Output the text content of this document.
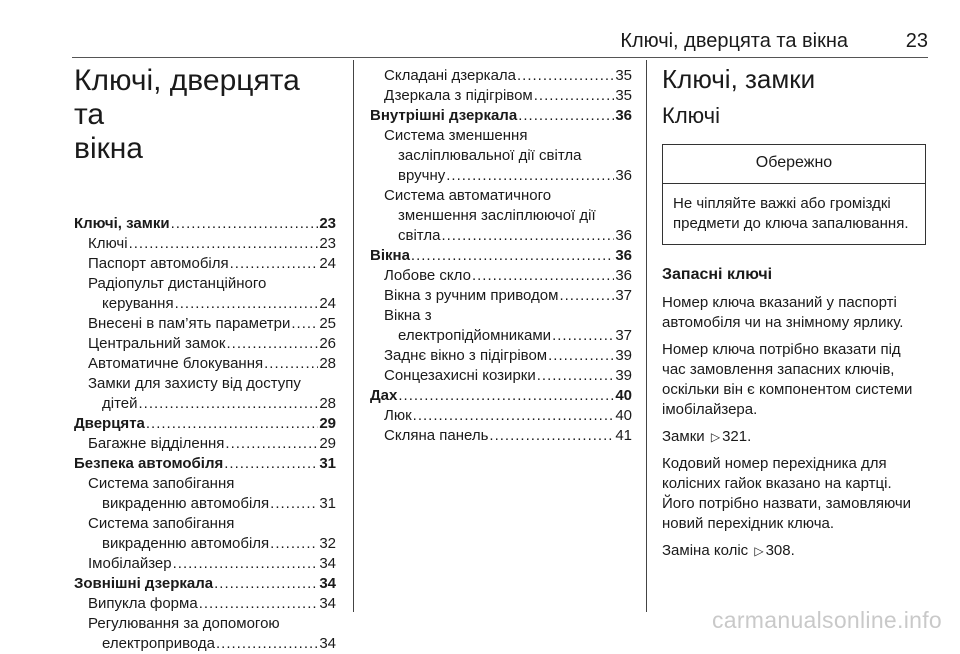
Ключі, дверцята та вікна	23
Ключі, дверцята та
вікна
Ключі, замки .....	23
Ключі .....	23
Паспорт автомобіля .....	24
Радіопульт дистанційного
керування .....	24
Внесені в пам’ять параметри ..... 25
Центральний замок .....	26
Автоматичне блокування .....	28
Замки для захисту від доступу
дітей .....	28
Дверцята .....	29
Багажне відділення .....	29
Безпека автомобіля .....	31
Система запобігання
викраденню автомобіля .....	31
Система запобігання
викраденню автомобіля .....	32
Імобілайзер .....	34
Зовнішні дзеркала .....	34
Випукла форма .....	34
Регулювання за допомогою
електроприводa .....	34
Складані дзеркала .....	35
Дзеркала з підігрівом .....	35
Внутрішні дзеркала .....	36
Система зменшення
засліплювальної дії світла
вручну .....	36
Система автоматичного
зменшення засліплюючої дії
світла .....	36
Вікна .....	36
Лобове скло .....	36
Вікна з ручним приводом .....	37
Вікна з
електропідйомниками .....	37
Заднє вікно з підігрівом .....	39
Сонцезахисні козирки .....	39
Дах .....	40
Люк .....	40
Скляна панель .....	41
Ключі, замки
Ключі
Обережно
Не чіпляйте важкі або громіздкі предмети до ключа запалювання.
Запасні ключі

Номер ключа вказаний у паспорті автомобіля чи на знімному ярлику.

Номер ключа потрібно вказати під час замовлення запасних ключів, оскільки він є компонентом системи імобілайзера.

Замки ▷ 321.

Кодовий номер перехідника для колісних гайок вказано на картці. Його потрібно назвати, замовляючи новий перехідник ключа.

Заміна коліс ▷ 308.

carmanualsonline.info
